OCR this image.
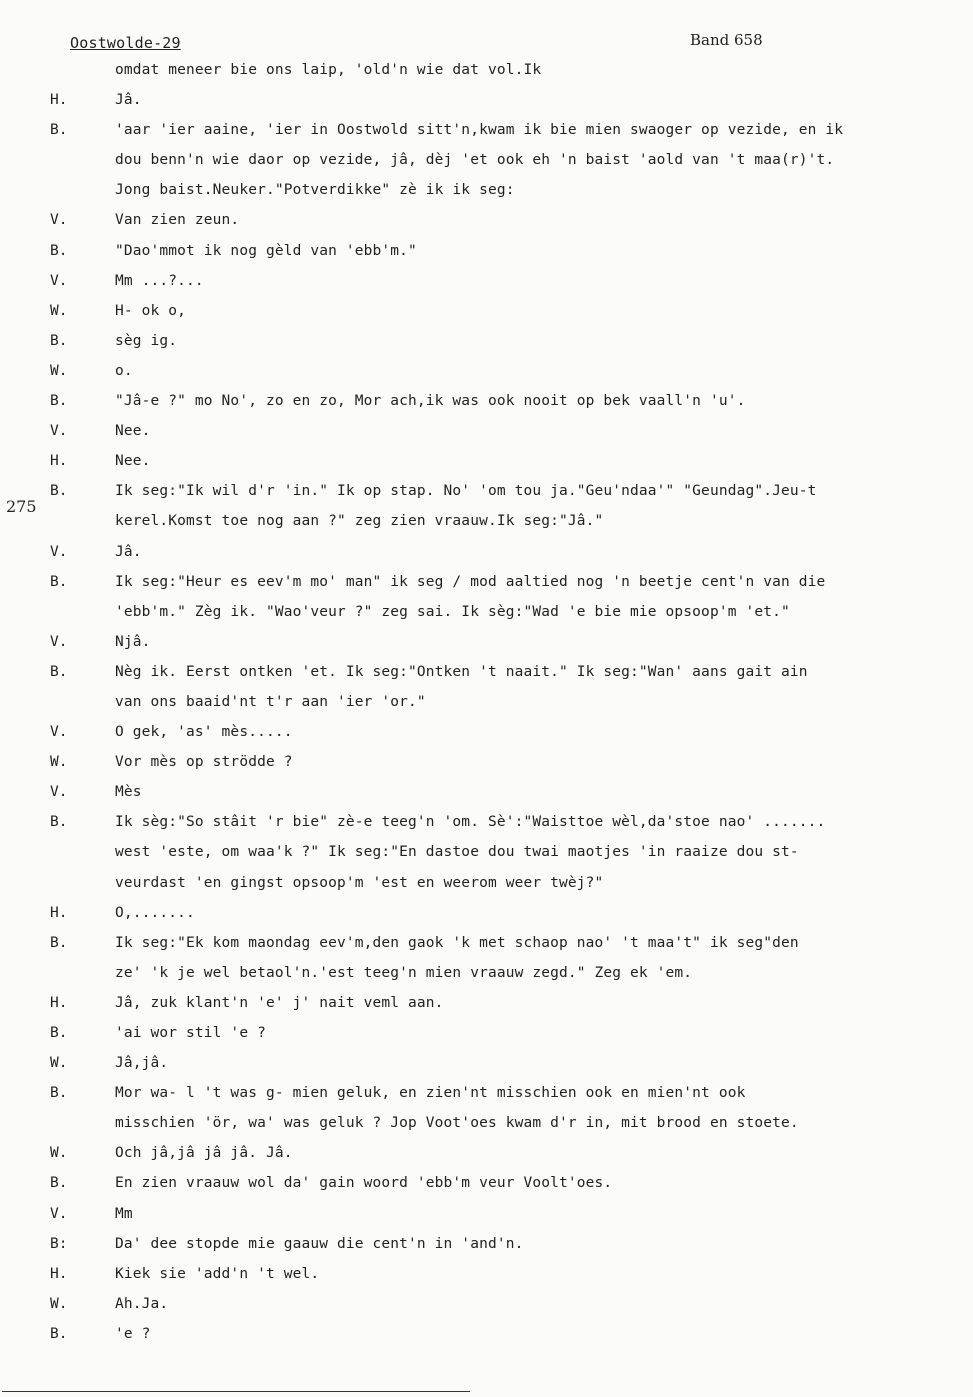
Oostwolde-29	Band 658
275
omdat meneer bie ons laip, 'old'n wie dat vol.Ik
H.	Jâ.
B.	'aar 'ier aaine, 'ier in Oostwold sitt'n,kwam ik bie mien swaoger op vezide, en ik
dou benn'n wie daor op vezide, jâ, dèj 'et ook eh 'n baist 'aold van 't maa(r)'t.
Jong baist.Neuker."Potverdikke" zè ik ik seg:
V.	Van zien zeun.
B.	"Dao'mmot ik nog gèld van 'ebb'm."
V.	Mm ...?...
W.	H- ok o,
B.	sèg ig.
W.	o.
B.	"Jâ-e ?" mo No', zo en zo, Mor ach,ik was ook nooit op bek vaall'n 'u'.
V.	Nee.
H.	Nee.
B.	Ik seg:"Ik wil d'r 'in." Ik op stap. No' 'om tou ja."Geu'ndaa'" "Geundag".Jeu-t
kerel.Komst toe nog aan ?" zeg zien vraauw.Ik seg:"Jâ."
V.	Jâ.
B.	Ik seg:"Heur es eev'm mo' man" ik seg / mod aaltied nog 'n beetje cent'n van die
'ebb'm." Zèg ik. "Wao'veur ?" zeg sai. Ik sèg:"Wad 'e bie mie opsoop'm 'et."
V.	Njâ.
B.	Nèg ik. Eerst ontken 'et. Ik seg:"Ontken 't naait." Ik seg:"Wan' aans gait ain
van ons baaid'nt t'r aan 'ier 'or."
V.	O gek, 'as' mès.....
W.	Vor mès op strödde ?
V.	Mès
B.	Ik sèg:"So stâit 'r bie" zè-e teeg'n 'om. Sè':"Waisttoe wèl,da'stoe nao' .......
west 'este, om waa'k ?" Ik seg:"En dastoe dou twai maotjes 'in raaize dou st-
veurdast 'en gingst opsoop'm 'est en weerom weer twèj?"
H.	O,.......
B.	Ik seg:"Ek kom maondag eev'm,den gaok 'k met schaop nao' 't maa't" ik seg"den
ze' 'k je wel betaol'n.'est teeg'n mien vraauw zegd." Zeg ek 'em.
H.	Jâ, zuk klant'n 'e' j' nait veml aan.
B.	'ai wor stil 'e ?
W.	Jâ,jâ.
B.	Mor wa- l 't was g- mien geluk, en zien'nt misschien ook en mien'nt ook
misschien 'ör, wa' was geluk ? Jop Voot'oes kwam d'r in, mit brood en stoete.
W.	Och jâ,jâ jâ jâ. Jâ.
B.	En zien vraauw wol da' gain woord 'ebb'm veur Voolt'oes.
V.	Mm
B:	Da' dee stopde mie gaauw die cent'n in 'and'n.
H.	Kiek sie 'add'n 't wel.
W.	Ah.Ja.
B.	'e ?
